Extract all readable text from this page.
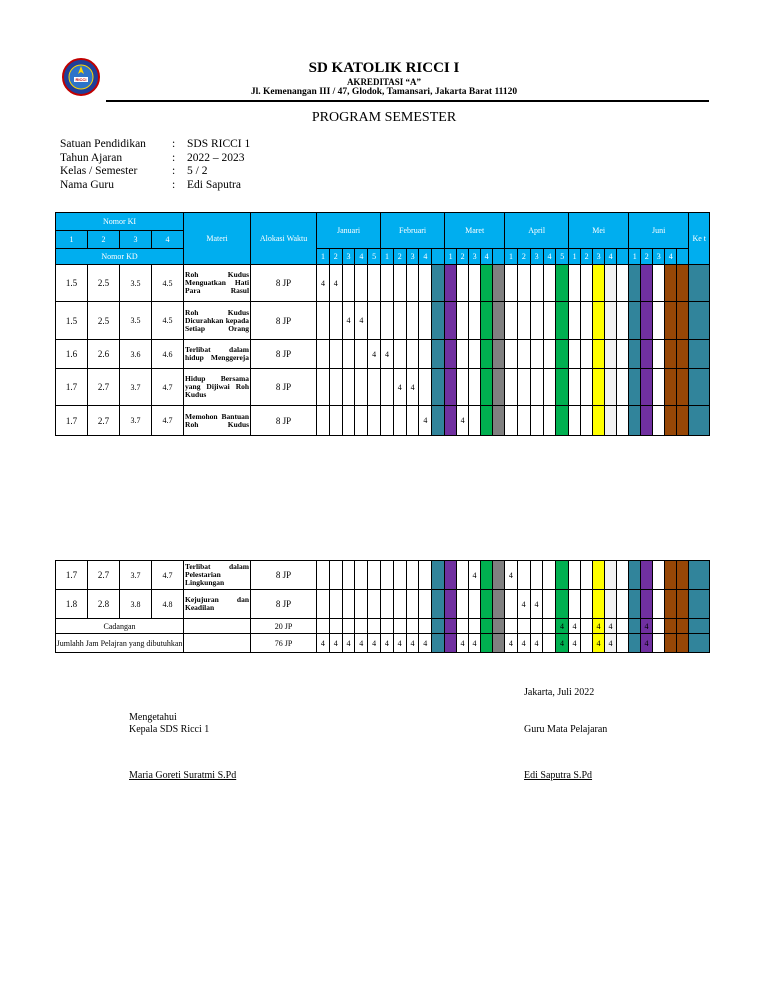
RICCI
SD KATOLIK RICCI I
AKREDITASI “A”
Jl. Kemenangan III / 47, Glodok, Tamansari, Jakarta Barat 11120
PROGRAM SEMESTER
Satuan Pendidikan	:	SDS RICCI 1
Tahun Ajaran	:	2022 – 2023
Kelas / Semester	:	5 / 2
Nama Guru	:	Edi Saputra
Nomor KI				Materi	Alokasi Waktu	Januari					Februari					Maret					April					Mei					Juni					Ke t
1	2	3	4																																	
Nomor KD						1	2	3	4	5	1	2	3	4		1	2	3	4		1	2	3	4	5	1	2	3	4		1	2	3	4		
1.5	2.5	3.5	4.5	Roh Kudus Menguatkan Hati Para Rasul	8 JP	4	4																													
1.5	2.5	3.5	4.5	Roh Kudus Dicurahkan kepada Setiap Orang	8 JP			4	4																											
1.6	2.6	3.6	4.6	Terlibat dalam hidup Menggereja	8 JP					4	4																									
1.7	2.7	3.7	4.7	Hidup Bersama yang Dijiwai Roh Kudus	8 JP							4	4																							
1.7	2.7	3.7	4.7	Memohon Bantuan Roh Kudus	8 JP									4			4																			
1.7	2.7	3.7	4.7	Terlibat dalam Pelestarian Lingkungan	8 JP													4			4															
1.8	2.8	3.8	4.8	Kejujuran dan Keadilan	8 JP																	4	4													
Cadangan					20 JP																				4	4		4	4			4				
Jumlahh Jam Pelajran yang dibutuhkan					76 JP	4	4	4	4	4	4	4	4	4			4	4			4	4	4		4	4		4	4			4				
Jakarta, Juli 2022
Mengetahui
Kepala SDS Ricci 1	Guru Mata Pelajaran
Maria Goreti Suratmi S.Pd	Edi Saputra S.Pd
